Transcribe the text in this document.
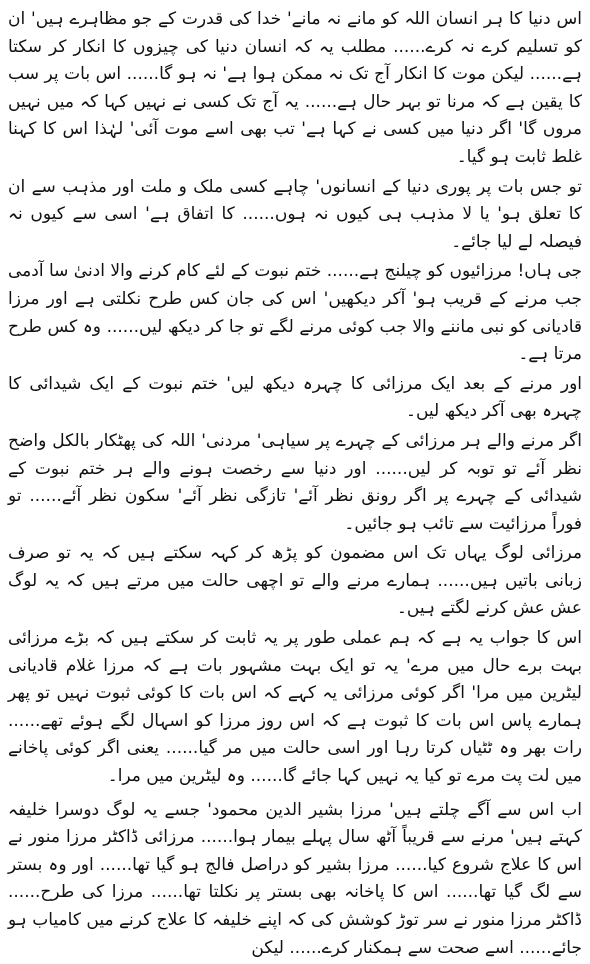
اس دنیا کا ہر انسان اللہ کو مانے نہ مانے' خدا کی قدرت کے جو مظاہرے ہیں' ان کو تسلیم کرے نہ کرے...... مطلب یہ کہ انسان دنیا کی چیزوں کا انکار کر سکتا ہے...... لیکن موت کا انکار آج تک نہ ممکن ہوا ہے' نہ ہو گا...... اس بات پر سب کا یقین ہے کہ مرنا تو بہر حال ہے...... یہ آج تک کسی نے نہیں کہا کہ میں نہیں مروں گا' اگر دنیا میں کسی نے کہا ہے' تب بھی اسے موت آئی' لہٰذا اس کا کہنا غلط ثابت ہو گیا۔

تو جس بات پر پوری دنیا کے انسانوں' چاہے کسی ملک و ملت اور مذہب سے ان کا تعلق ہو' یا لا مذہب ہی کیوں نہ ہوں...... کا اتفاق ہے' اسی سے کیوں نہ فیصلہ لے لیا جائے۔

جی ہاں! مرزائیوں کو چیلنج ہے...... ختم نبوت کے لئے کام کرنے والا ادنیٰ سا آدمی جب مرنے کے قریب ہو' آکر دیکھیں' اس کی جان کس طرح نکلتی ہے اور مرزا قادیانی کو نبی ماننے والا جب کوئی مرنے لگے تو جا کر دیکھ لیں...... وہ کس طرح مرتا ہے۔

اور مرنے کے بعد ایک مرزائی کا چہرہ دیکھ لیں' ختم نبوت کے ایک شیدائی کا چہرہ بھی آکر دیکھ لیں۔

اگر مرنے والے ہر مرزائی کے چہرے پر سیاہی' مردنی' اللہ کی پھٹکار بالکل واضح نظر آئے تو توبہ کر لیں...... اور دنیا سے رخصت ہونے والے ہر ختم نبوت کے شیدائی کے چہرے پر اگر رونق نظر آئے' تازگی نظر آئے' سکون نظر آئے...... تو فوراً مرزائیت سے تائب ہو جائیں۔

مرزائی لوگ یہاں تک اس مضمون کو پڑھ کر کہہ سکتے ہیں کہ یہ تو صرف زبانی باتیں ہیں...... ہمارے مرنے والے تو اچھی حالت میں مرتے ہیں کہ یہ لوگ عش عش کرنے لگتے ہیں۔

اس کا جواب یہ ہے کہ ہم عملی طور پر یہ ثابت کر سکتے ہیں کہ بڑے مرزائی بہت برے حال میں مرے' یہ تو ایک بہت مشہور بات ہے کہ مرزا غلام قادیانی لیٹرین میں مرا' اگر کوئی مرزائی یہ کہے کہ اس بات کا کوئی ثبوت نہیں تو پھر ہمارے پاس اس بات کا ثبوت ہے کہ اس روز مرزا کو اسہال لگے ہوئے تھے...... رات بھر وہ ٹٹیاں کرتا رہا اور اسی حالت میں مر گیا...... یعنی اگر کوئی پاخانے میں لت پت مرے تو کیا یہ نہیں کہا جائے گا...... وہ لیٹرین میں مرا۔

اب اس سے آگے چلتے ہیں' مرزا بشیر الدین محمود' جسے یہ لوگ دوسرا خلیفہ کہتے ہیں' مرنے سے قریباً آٹھ سال پہلے بیمار ہوا...... مرزائی ڈاکٹر مرزا منور نے اس کا علاج شروع کیا...... مرزا بشیر کو دراصل فالج ہو گیا تھا...... اور وہ بستر سے لگ گیا تھا...... اس کا پاخانہ بھی بستر پر نکلتا تھا...... مرزا کی طرح...... ڈاکٹر مرزا منور نے سر توڑ کوشش کی کہ اپنے خلیفہ کا علاج کرنے میں کامیاب ہو جائے...... اسے صحت سے ہمکنار کرے...... لیکن
